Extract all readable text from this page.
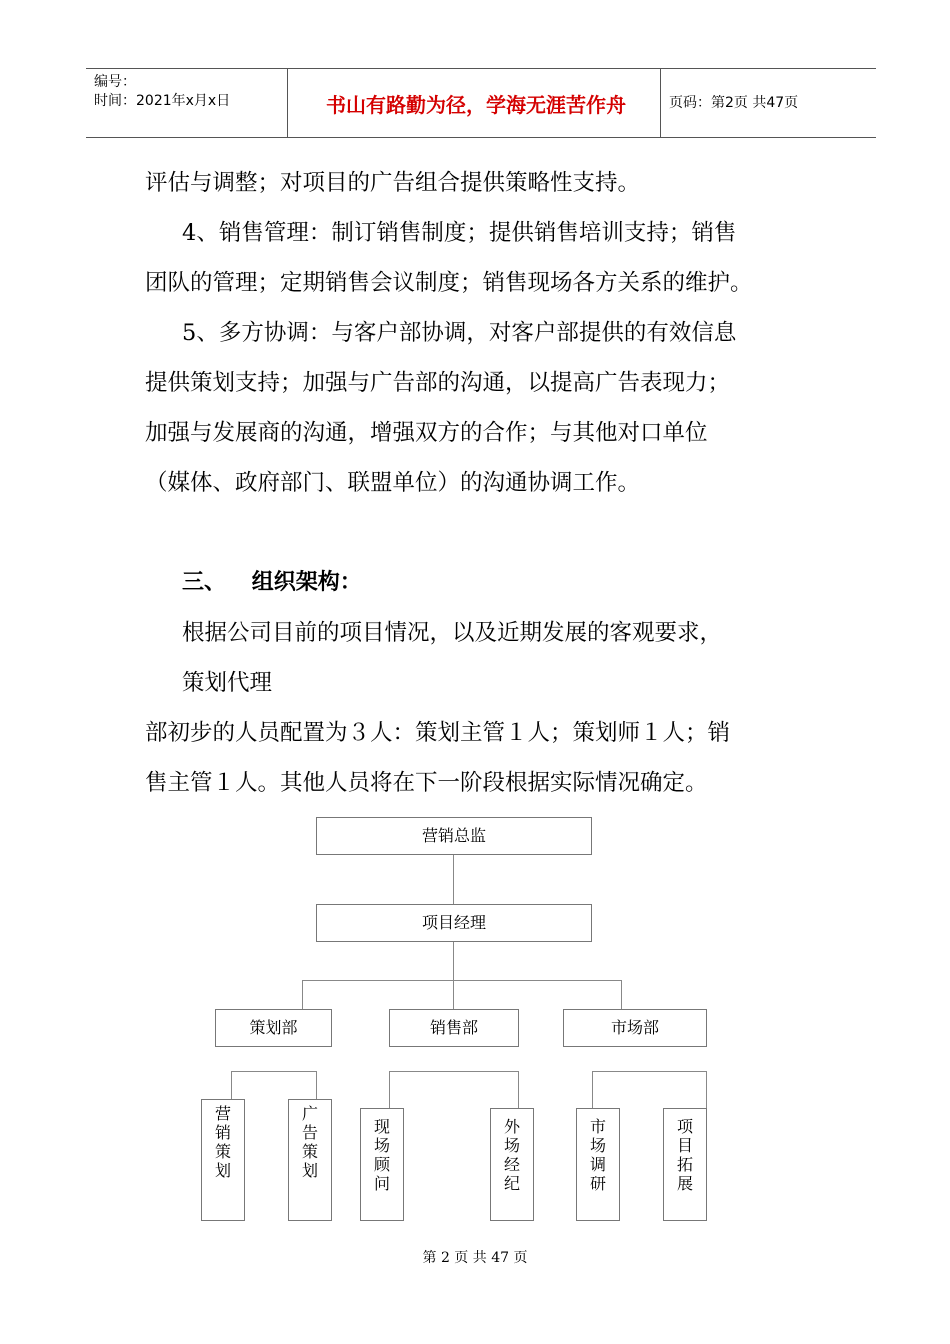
编号：
时间：2021年x月x日	书山有路勤为径，学海无涯苦作舟	页码：第2页 共47页
评估与调整；对项目的广告组合提供策略性支持。
4、销售管理：制订销售制度；提供销售培训支持；销售
团队的管理；定期销售会议制度；销售现场各方关系的维护。
5、多方协调：与客户部协调，对客户部提供的有效信息
提供策划支持；加强与广告部的沟通，以提高广告表现力；
加强与发展商的沟通，增强双方的合作；与其他对口单位
（媒体、政府部门、联盟单位）的沟通协调工作。
三、 组织架构：
根据公司目前的项目情况，以及近期发展的客观要求，
策划代理
部初步的人员配置为３人：策划主管１人；策划师１人；销
售主管１人。其他人员将在下一阶段根据实际情况确定。
营销总监
项目经理
策划部	销售部	市场部
营销策划
广告策划
现场顾问
外场经纪
市场调研
项目拓展
第 2 页 共 47 页
